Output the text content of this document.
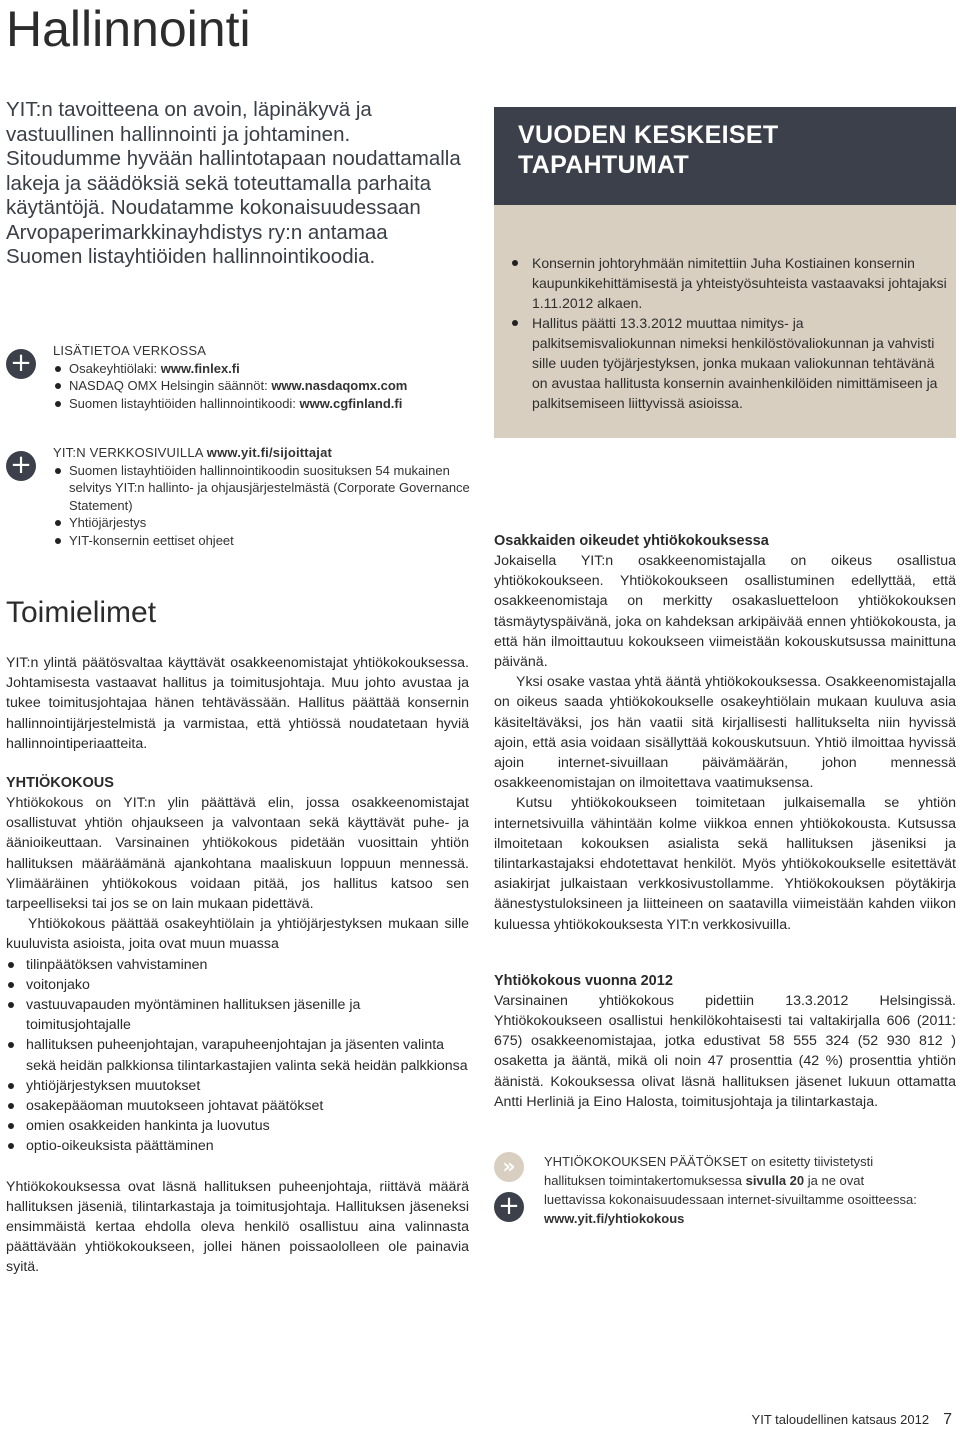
Hallinnointi

YIT:n tavoitteena on avoin, läpinäkyvä ja vastuullinen hallinnointi ja johtaminen. Sitoudumme hyvään hallintotapaan noudattamalla lakeja ja säädöksiä sekä toteuttamalla parhaita käytäntöjä. Noudatamme kokonaisuudessaan Arvopaperimarkkinayhdistys ry:n antamaa Suomen listayhtiöiden hallinnointikoodia.

+	LISÄTIETOA VERKOSSA
Osakeyhtiölaki: www.finlex.fi
NASDAQ OMX Helsingin säännöt: www.nasdaqomx.com
Suomen listayhtiöiden hallinnointikoodi: www.cgfinland.fi
+	YIT:N VERKKOSIVUILLA www.yit.fi/sijoittajat
Suomen listayhtiöiden hallinnointikoodin suosituksen 54 mukainen selvitys YIT:n hallinto- ja ohjausjärjestelmästä (Corporate Governance Statement)
Yhtiöjärjestys
YIT-konsernin eettiset ohjeet
VUODEN KESKEISET
TAPAHTUMAT
Konsernin johtoryhmään nimitettiin Juha Kostiainen konsernin kaupunkikehittämisestä ja yhteistyösuhteista vastaavaksi johtajaksi 1.11.2012 alkaen.
Hallitus päätti 13.3.2012 muuttaa nimitys- ja palkitsemisvaliokunnan nimeksi henkilöstövaliokunnan ja vahvisti sille uuden työjärjestyksen, jonka mukaan valiokunnan tehtävänä on avustaa hallitusta konsernin avainhenkilöiden nimittämiseen ja palkitsemiseen liittyvissä asioissa.
Toimielimet

YIT:n ylintä päätösvaltaa käyttävät osakkeenomistajat yhtiökokouksessa. Johtamisesta vastaavat hallitus ja toimitusjohtaja. Muu johto avustaa ja tukee toimitusjohtajaa hänen tehtävässään. Hallitus päättää konsernin hallinnointijärjestelmistä ja varmistaa, että yhtiössä noudatetaan hyviä hallinnointiperiaatteita.

YHTIÖKOKOUS

Yhtiökokous on YIT:n ylin päättävä elin, jossa osakkeenomistajat osallistuvat yhtiön ohjaukseen ja valvontaan sekä käyttävät puhe- ja äänioikeuttaan. Varsinainen yhtiökokous pidetään vuosittain yhtiön hallituksen määräämänä ajankohtana maaliskuun loppuun mennessä. Ylimääräinen yhtiökokous voidaan pitää, jos hallitus katsoo sen tarpeelliseksi tai jos se on lain mukaan pidettävä.

Yhtiökokous päättää osakeyhtiölain ja yhtiöjärjestyksen mukaan sille kuuluvista asioista, joita ovat muun muassa

tilinpäätöksen vahvistaminen
voitonjako
vastuuvapauden myöntäminen hallituksen jäsenille ja toimitusjohtajalle
hallituksen puheenjohtajan, varapuheenjohtajan ja jäsenten valinta sekä heidän palkkionsa tilintarkastajien valinta sekä heidän palkkionsa
yhtiöjärjestyksen muutokset
osakepääoman muutokseen johtavat päätökset
omien osakkeiden hankinta ja luovutus
optio-oikeuksista päättäminen

Yhtiökokouksessa ovat läsnä hallituksen puheenjohtaja, riittävä määrä hallituksen jäseniä, tilintarkastaja ja toimitusjohtaja. Hallituksen jäseneksi ensimmäistä kertaa ehdolla oleva henkilö osallistuu aina valinnasta päättävään yhtiökokoukseen, jollei hänen poissaololleen ole painavia syitä.

Osakkaiden oikeudet yhtiökokouksessa

Jokaisella YIT:n osakkeenomistajalla on oikeus osallistua yhtiökokoukseen. Yhtiökokoukseen osallistuminen edellyttää, että osakkeenomistaja on merkitty osakasluetteloon yhtiökokouksen täsmäytyspäivänä, joka on kahdeksan arkipäivää ennen yhtiökokousta, ja että hän ilmoittautuu kokoukseen viimeistään kokouskutsussa mainittuna päivänä.

Yksi osake vastaa yhtä ääntä yhtiökokouksessa. Osakkeenomistajalla on oikeus saada yhtiökokoukselle osakeyhtiölain mukaan kuuluva asia käsiteltäväksi, jos hän vaatii sitä kirjallisesti hallitukselta niin hyvissä ajoin, että asia voidaan sisällyttää kokouskutsuun. Yhtiö ilmoittaa hyvissä ajoin internet-sivuillaan päivämäärän, johon mennessä osakkeenomistajan on ilmoitettava vaatimuksensa.

Kutsu yhtiökokoukseen toimitetaan julkaisemalla se yhtiön internetsivuilla vähintään kolme viikkoa ennen yhtiökokousta. Kutsussa ilmoitetaan kokouksen asialista sekä hallituksen jäseniksi ja tilintarkastajaksi ehdotettavat henkilöt. Myös yhtiökokoukselle esitettävät asiakirjat julkaistaan verkkosivustollamme. Yhtiökokouksen pöytäkirja äänestystuloksineen ja liitteineen on saatavilla viimeistään kahden viikon kuluessa yhtiökokouksesta YIT:n verkkosivuilla.

Yhtiökokous vuonna 2012

Varsinainen yhtiökokous pidettiin 13.3.2012 Helsingissä. Yhtiökokoukseen osallistui henkilökohtaisesti tai valtakirjalla 606 (2011: 675) osakkeenomistajaa, jotka edustivat 58 555 324 (52 930 812 ) osaketta ja ääntä, mikä oli noin 47 prosenttia (42 %) prosenttia yhtiön äänistä. Kokouksessa olivat läsnä hallituksen jäsenet lukuun ottamatta Antti Herliniä ja Eino Halosta, toimitusjohtaja ja tilintarkastaja.

»
+
YHTIÖKOKOUKSEN PÄÄTÖKSET on esitetty tiivistetysti hallituksen toimintakertomuksessa sivulla 20 ja ne ovat luettavissa kokonaisuudessaan internet-sivuiltamme osoitteessa: www.yit.fi/yhtiokokous
YIT taloudellinen katsaus 2012 7
